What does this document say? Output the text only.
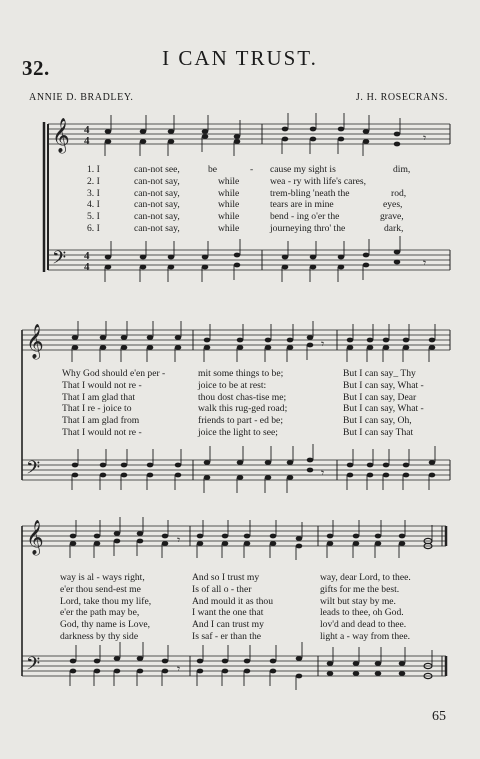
32.	I CAN TRUST.
ANNIE D. BRADLEY.	J. H. ROSECRANS.
𝄞
𝄢
4
4
4
4
𝄾
𝄾
1. I	can-not see,	be	- cause my sight is	dim,
2. I	can-not say,	while	wea - ry with life's cares,
3. I	can-not say,	while	trem-bling 'neath the	rod,
4. I	can-not say,	while	tears are in mine	eyes,
5. I	can-not say,	while	bend - ing o'er the	grave,
6. I	can-not say,	while	journeying thro' the	dark,
𝄞
𝄢
𝄾
𝄾
Why God should e'en per -	mit some things to be;	But I can say_ Thy
That I would not re -	joice to be at rest:	But I can say, What -
That I am glad that	thou dost chas-tise me;	But I can say, Dear
That I re - joice to	walk this rug-ged road;	But I can say, What -
That I am glad from	friends to part - ed be;	But I can say, Oh,
That I would not re -	joice the light to see;	But I can say That
𝄞
𝄢
𝄾
𝄾
way is al - ways right,	And so I trust my	way, dear Lord, to thee.
e'er thou send-est me	Is of all o - ther	gifts for me the best.
Lord, take thou my life,	And mould it as thou	wilt but stay by me.
e'er the path may be,	I want the one that	leads to thee, oh God.
God, thy name is Love,	And I can trust my	lov'd and dead to thee.
darkness by thy side	Is saf - er than the	light a - way from thee.
65
